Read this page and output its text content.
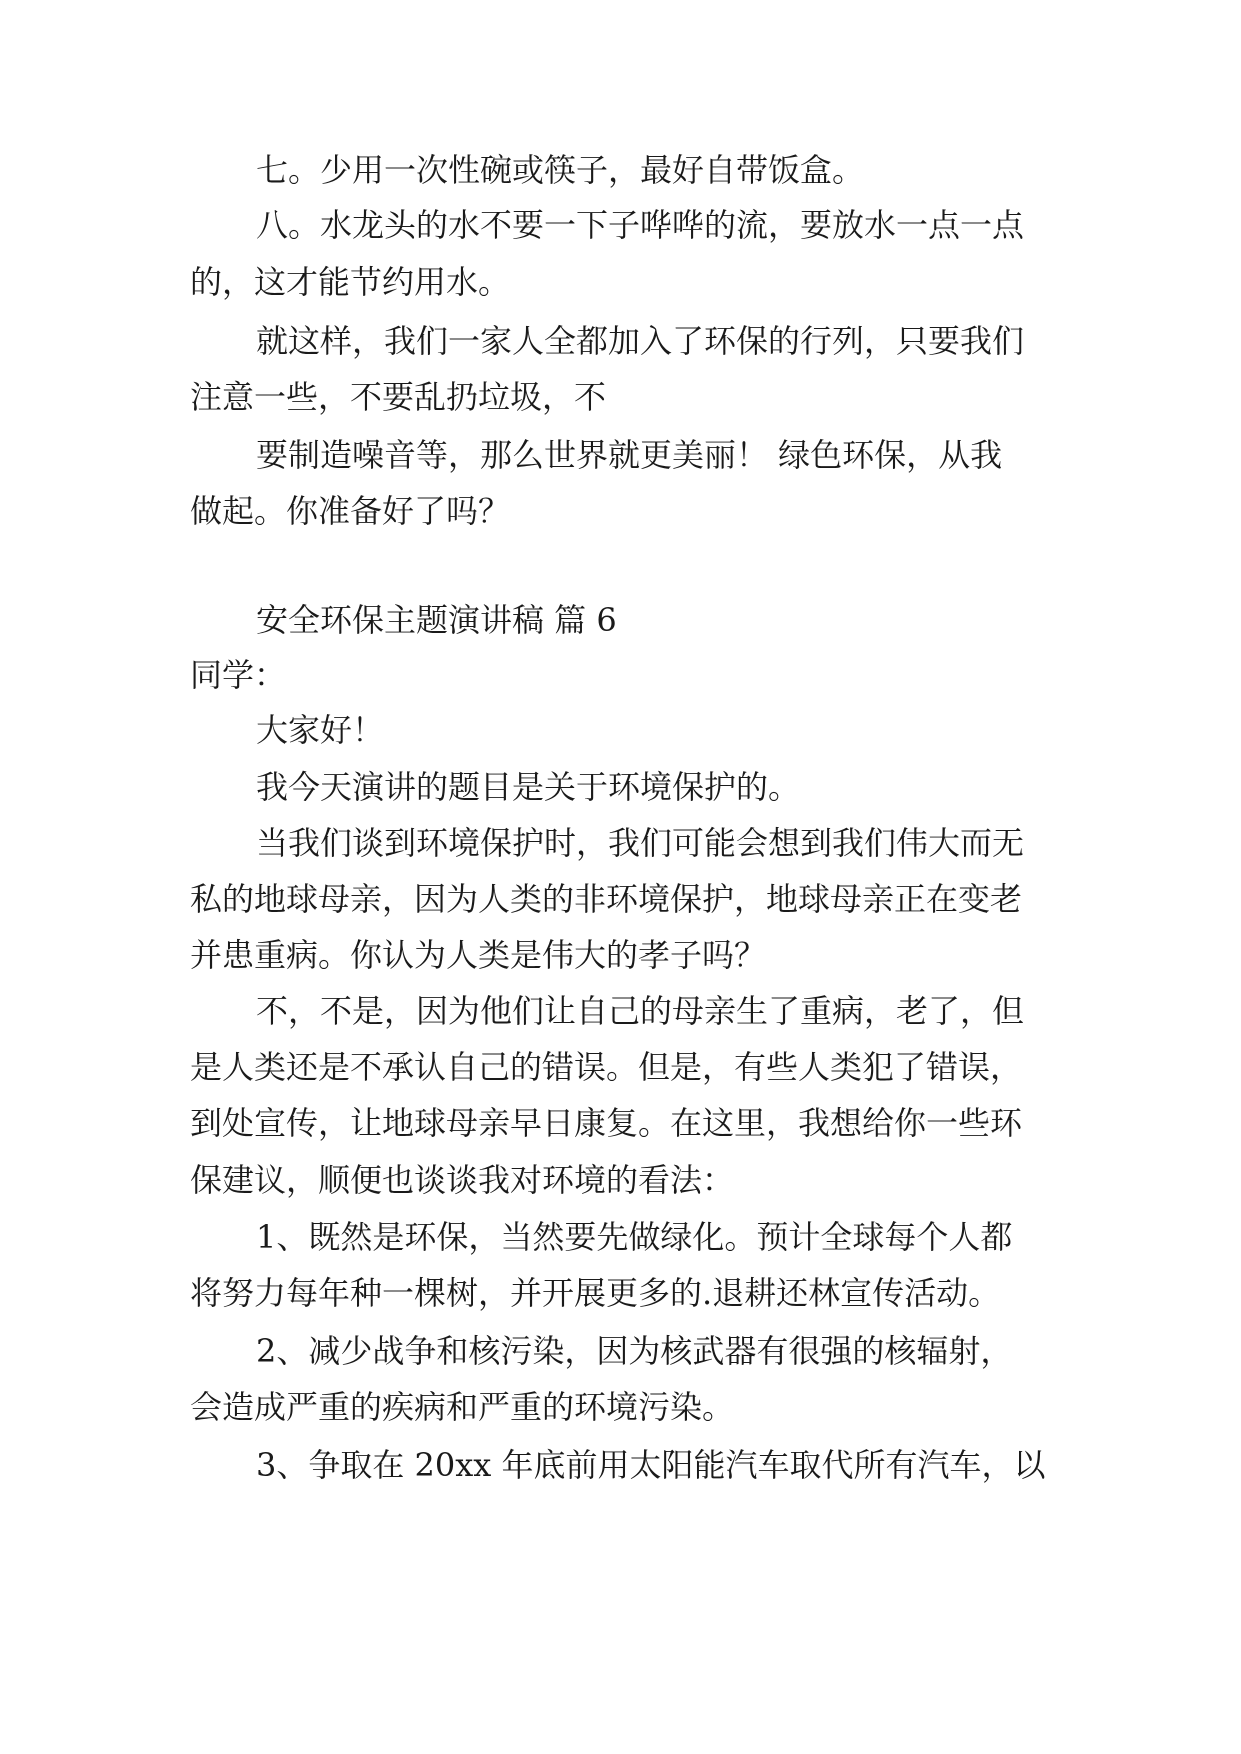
七。少用一次性碗或筷子，最好自带饭盒。

八。水龙头的水不要一下子哗哗的流，要放水一点一点

的，这才能节约用水。

就这样，我们一家人全都加入了环保的行列，只要我们

注意一些，不要乱扔垃圾，不

要制造噪音等，那么世界就更美丽！ 绿色环保，从我

做起。你准备好了吗？

安全环保主题演讲稿 篇 6

同学：

大家好！

我今天演讲的题目是关于环境保护的。

当我们谈到环境保护时，我们可能会想到我们伟大而无

私的地球母亲，因为人类的非环境保护，地球母亲正在变老

并患重病。你认为人类是伟大的孝子吗？

不，不是，因为他们让自己的母亲生了重病，老了，但

是人类还是不承认自己的错误。但是，有些人类犯了错误，

到处宣传，让地球母亲早日康复。在这里，我想给你一些环

保建议，顺便也谈谈我对环境的看法：

1、既然是环保，当然要先做绿化。预计全球每个人都

将努力每年种一棵树，并开展更多的.退耕还林宣传活动。

2、减少战争和核污染，因为核武器有很强的核辐射，

会造成严重的疾病和严重的环境污染。

3、争取在 20xx 年底前用太阳能汽车取代所有汽车，以
